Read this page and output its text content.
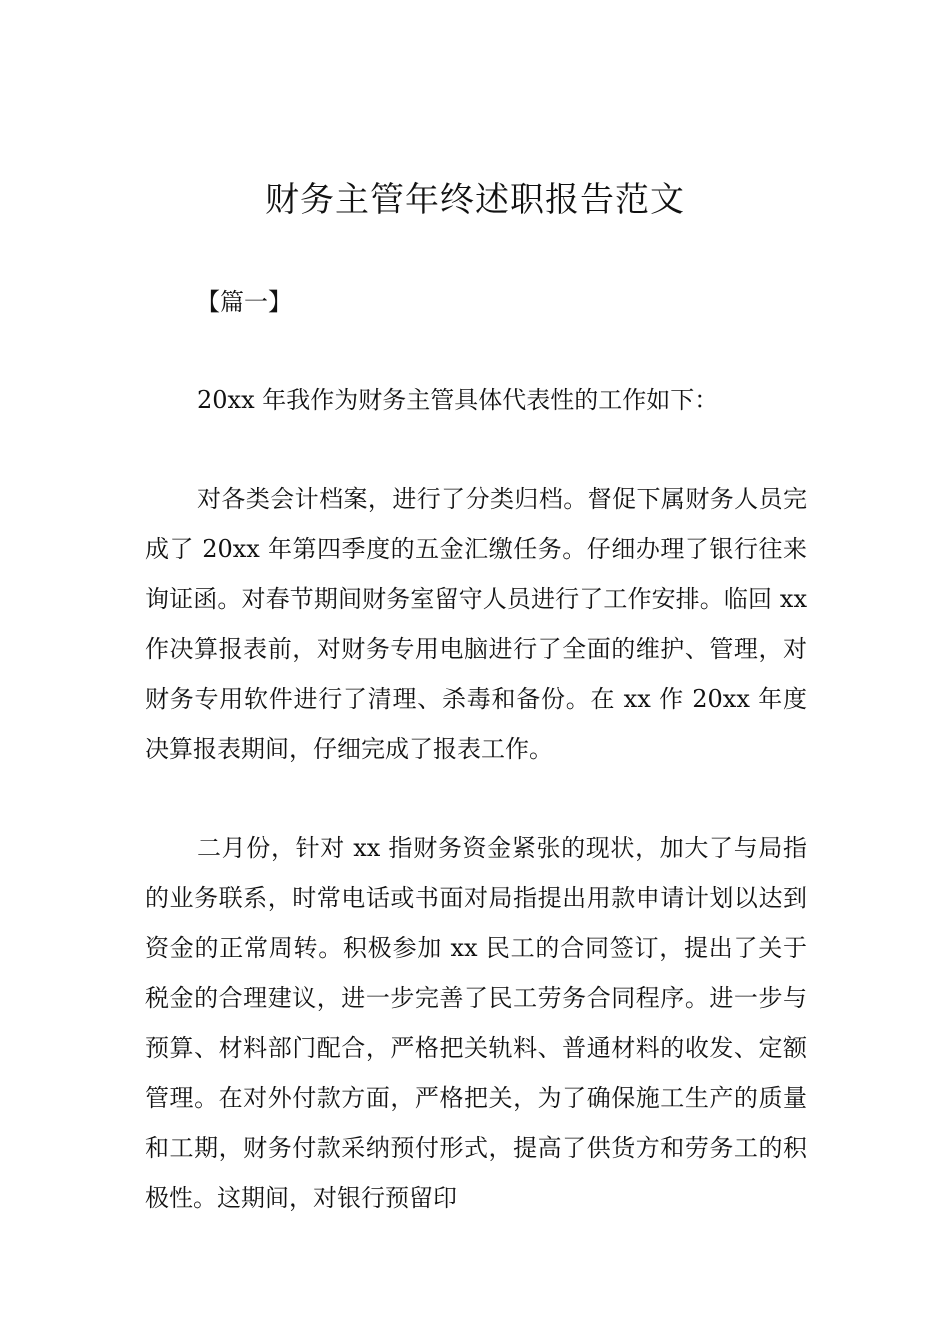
财务主管年终述职报告范文

【篇一】

20xx 年我作为财务主管具体代表性的工作如下：

对各类会计档案，进行了分类归档。督促下属财务人员完成了 20xx 年第四季度的五金汇缴任务。仔细办理了银行往来询证函。对春节期间财务室留守人员进行了工作安排。临回 xx 作决算报表前，对财务专用电脑进行了全面的维护、管理，对财务专用软件进行了清理、杀毒和备份。在 xx 作 20xx 年度决算报表期间，仔细完成了报表工作。

二月份，针对 xx 指财务资金紧张的现状，加大了与局指的业务联系，时常电话或书面对局指提出用款申请计划以达到资金的正常周转。积极参加 xx 民工的合同签订，提出了关于税金的合理建议，进一步完善了民工劳务合同程序。进一步与预算、材料部门配合，严格把关轨料、普通材料的收发、定额管理。在对外付款方面，严格把关，为了确保施工生产的质量和工期，财务付款采纳预付形式，提高了供货方和劳务工的积极性。这期间，对银行预留印
